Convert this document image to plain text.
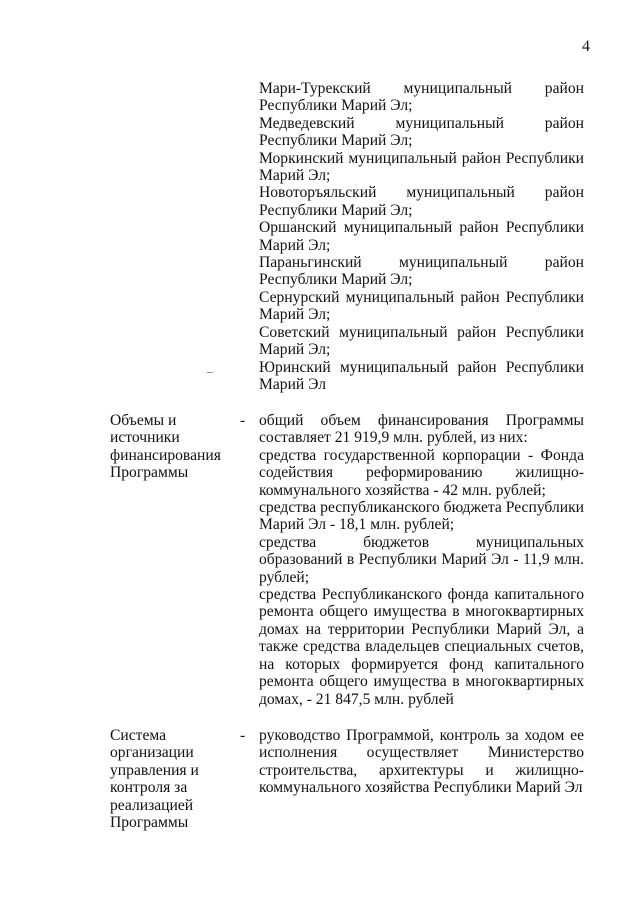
4

Мари-Турекский муниципальный район Республики Марий Эл;

Медведевский муниципальный район Республики Марий Эл;

Моркинский муниципальный район Республики Марий Эл;

Новоторъяльский муниципальный район Республики Марий Эл;

Оршанский муниципальный район Республики Марий Эл;

Параньгинский муниципальный район Республики Марий Эл;

Сернурский муниципальный район Республики Марий Эл;

Советский муниципальный район Республики Марий Эл;

Юринский муниципальный район Республики Марий Эл

Объемы и
источники
финансирования
Программы
- общий объем финансирования Программы составляет 21 919,9 млн. рублей, из них:

средства государственной корпорации - Фонда содействия реформированию жилищно-коммунального хозяйства - 42 млн. рублей;

средства республиканского бюджета Республики Марий Эл - 18,1 млн. рублей;

средства бюджетов муниципальных образований в Республики Марий Эл - 11,9 млн. рублей;

средства Республиканского фонда капитального ремонта общего имущества в многоквартирных домах на территории Республики Марий Эл, а также средства владельцев специальных счетов, на которых формируется фонд капитального ремонта общего имущества в многоквартирных домах, - 21 847,5 млн. рублей

Система
организации
управления и
контроля за
реализацией
Программы
- руководство Программой, контроль за ходом ее исполнения осуществляет Министерство строительства, архитектуры и жилищно-коммунального хозяйства Республики Марий Эл
